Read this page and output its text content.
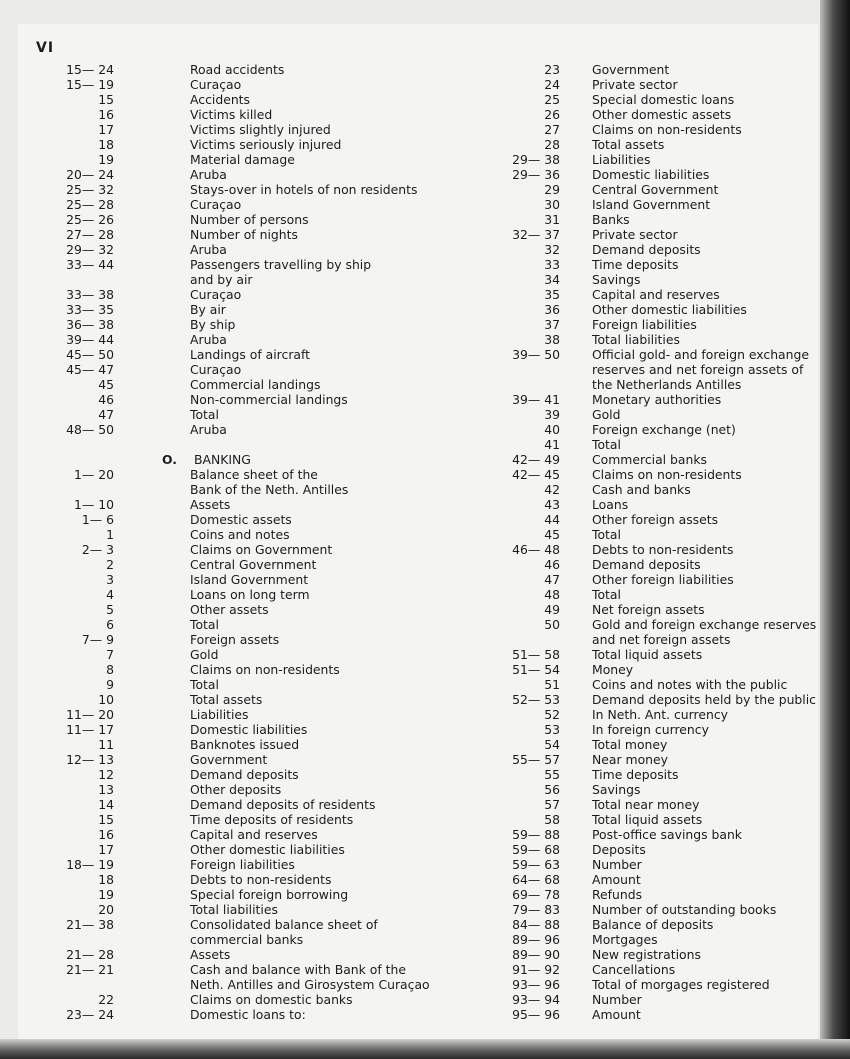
VI
15— 24	Road accidents
15— 19	Curaçao
15	Accidents
16	Victims killed
17	Victims slightly injured
18	Victims seriously injured
19	Material damage
20— 24	Aruba
25— 32	Stays-over in hotels of non residents
25— 28	Curaçao
25— 26	Number of persons
27— 28	Number of nights
29— 32	Aruba
33— 44	Passengers travelling by ship
and by air
33— 38	Curaçao
33— 35	By air
36— 38	By ship
39— 44	Aruba
45— 50	Landings of aircraft
45— 47	Curaçao
45	Commercial landings
46	Non-commercial landings
47	Total
48— 50	Aruba
O. BANKING
1— 20	Balance sheet of the
Bank of the Neth. Antilles
1— 10	Assets
1— 6	Domestic assets
1	Coins and notes
2— 3	Claims on Government
2	Central Government
3	Island Government
4	Loans on long term
5	Other assets
6	Total
7— 9	Foreign assets
7	Gold
8	Claims on non-residents
9	Total
10	Total assets
11— 20	Liabilities
11— 17	Domestic liabilities
11	Banknotes issued
12— 13	Government
12	Demand deposits
13	Other deposits
14	Demand deposits of residents
15	Time deposits of residents
16	Capital and reserves
17	Other domestic liabilities
18— 19	Foreign liabilities
18	Debts to non-residents
19	Special foreign borrowing
20	Total liabilities
21— 38	Consolidated balance sheet of
commercial banks
21— 28	Assets
21— 21	Cash and balance with Bank of the
Neth. Antilles and Girosystem Curaçao
22	Claims on domestic banks
23— 24	Domestic loans to:
23	Government
24	Private sector
25	Special domestic loans
26	Other domestic assets
27	Claims on non-residents
28	Total assets
29— 38	Liabilities
29— 36	Domestic liabilities
29	Central Government
30	Island Government
31	Banks
32— 37	Private sector
32	Demand deposits
33	Time deposits
34	Savings
35	Capital and reserves
36	Other domestic liabilities
37	Foreign liabilities
38	Total liabilities
39— 50	Official gold- and foreign exchange
reserves and net foreign assets of
the Netherlands Antilles
39— 41	Monetary authorities
39	Gold
40	Foreign exchange (net)
41	Total
42— 49	Commercial banks
42— 45	Claims on non-residents
42	Cash and banks
43	Loans
44	Other foreign assets
45	Total
46— 48	Debts to non-residents
46	Demand deposits
47	Other foreign liabilities
48	Total
49	Net foreign assets
50	Gold and foreign exchange reserves
and net foreign assets
51— 58	Total liquid assets
51— 54	Money
51	Coins and notes with the public
52— 53	Demand deposits held by the public
52	In Neth. Ant. currency
53	In foreign currency
54	Total money
55— 57	Near money
55	Time deposits
56	Savings
57	Total near money
58	Total liquid assets
59— 88	Post-office savings bank
59— 68	Deposits
59— 63	Number
64— 68	Amount
69— 78	Refunds
79— 83	Number of outstanding books
84— 88	Balance of deposits
89— 96	Mortgages
89— 90	New registrations
91— 92	Cancellations
93— 96	Total of morgages registered
93— 94	Number
95— 96	Amount
